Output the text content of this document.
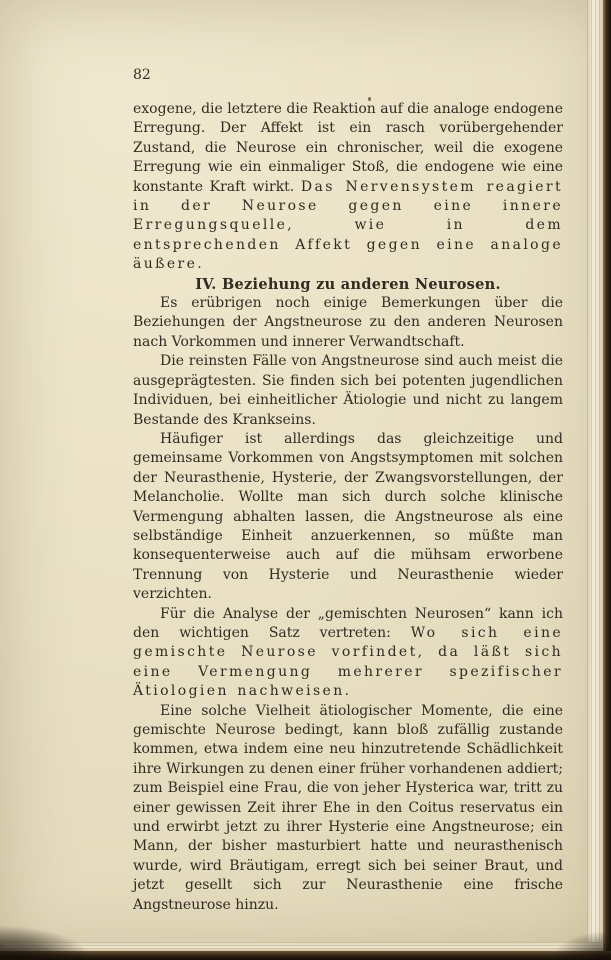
82

exogene, die letztere die Reaktion auf die analoge endogene Erregung. Der Affekt ist ein rasch vorübergehender Zustand, die Neurose ein chronischer, weil die exogene Erregung wie ein einmaliger Stoß, die endogene wie eine konstante Kraft wirkt. Das Nervensystem reagiert in der Neurose gegen eine innere Erregungsquelle, wie in dem entsprechenden Affekt gegen eine analoge äußere.

IV. Beziehung zu anderen Neurosen.

Es erübrigen noch einige Bemerkungen über die Beziehungen der Angstneurose zu den anderen Neurosen nach Vorkommen und innerer Verwandtschaft.

Die reinsten Fälle von Angstneurose sind auch meist die ausgeprägtesten. Sie finden sich bei potenten jugendlichen Individuen, bei einheitlicher Ätiologie und nicht zu langem Bestande des Krankseins.

Häufiger ist allerdings das gleichzeitige und gemeinsame Vorkommen von Angstsymptomen mit solchen der Neurasthenie, Hysterie, der Zwangsvorstellungen, der Melancholie. Wollte man sich durch solche klinische Vermengung abhalten lassen, die Angstneurose als eine selbständige Einheit anzuerkennen, so müßte man konsequenterweise auch auf die mühsam erworbene Trennung von Hysterie und Neurasthenie wieder verzichten.

Für die Analyse der „gemischten Neurosen“ kann ich den wichtigen Satz vertreten: Wo sich eine gemischte Neurose vorfindet, da läßt sich eine Vermengung mehrerer spezifischer Ätiologien nachweisen.

Eine solche Vielheit ätiologischer Momente, die eine gemischte Neurose bedingt, kann bloß zufällig zustande kommen, etwa indem eine neu hinzutretende Schädlichkeit ihre Wirkungen zu denen einer früher vorhandenen addiert; zum Beispiel eine Frau, die von jeher Hysterica war, tritt zu einer gewissen Zeit ihrer Ehe in den Coitus reservatus ein und erwirbt jetzt zu ihrer Hysterie eine Angstneurose; ein Mann, der bisher masturbiert hatte und neurasthenisch wurde, wird Bräutigam, erregt sich bei seiner Braut, und jetzt gesellt sich zur Neurasthenie eine frische Angstneurose hinzu.
